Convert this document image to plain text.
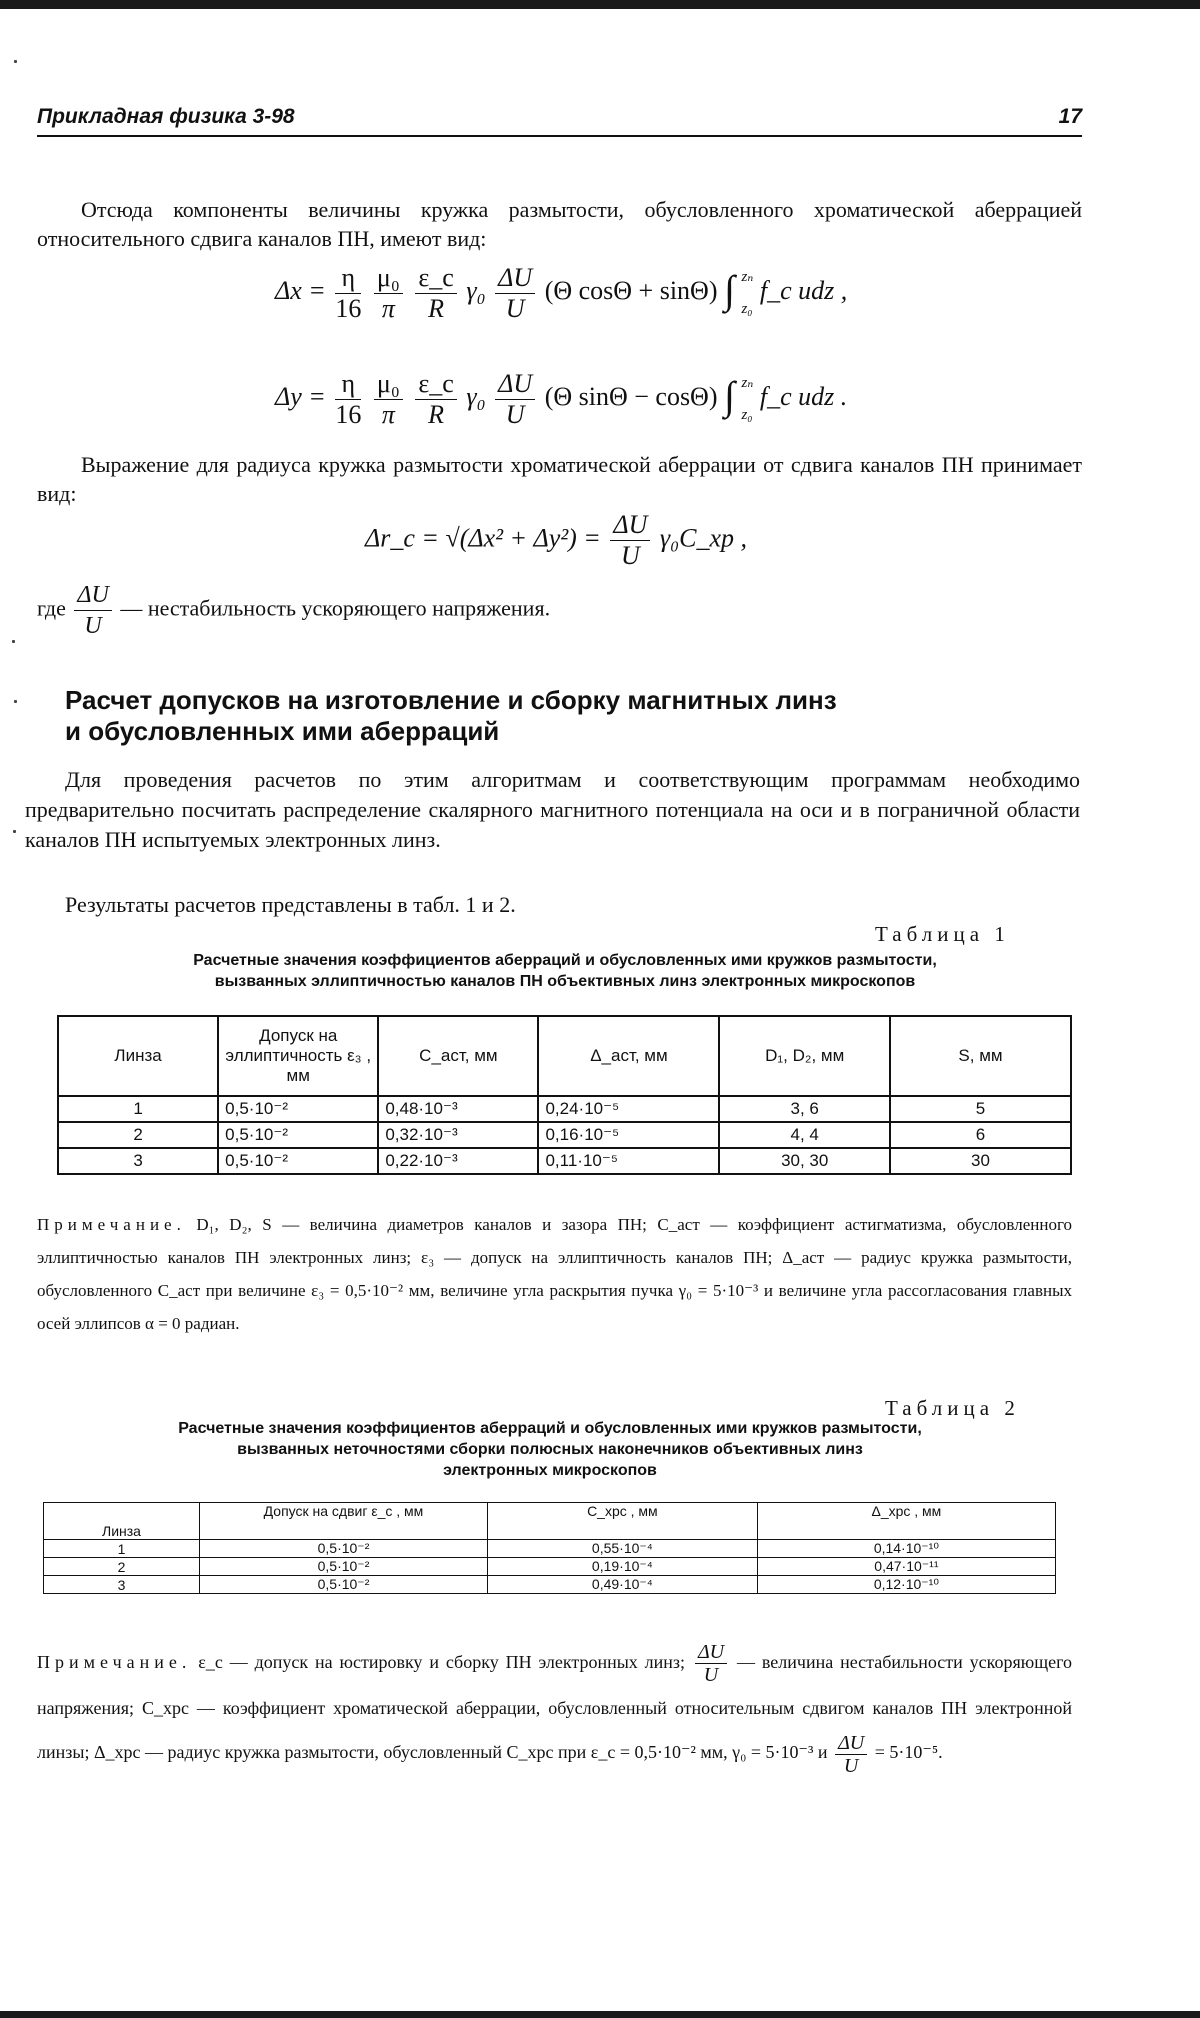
Прикладная физика 3-98	17
Отсюда компоненты величины кружка размытости, обусловленного хроматической аберрацией относительного сдвига каналов ПН, имеют вид:
$\Delta x = \frac{\eta}{16}$
$\frac{\text{μ₀}}{\pi}$
$\frac{\varepsilon\_c}{R} \gamma_0 \frac{\Delta U}{U} (\Theta$ cosΘ + sinΘ) ∫ zₙ
z₀
f_c udz ,
$\Delta y = \frac{\eta}{16}$
$\frac{\text{μ₀}}{\pi}$
$\frac{\varepsilon\_c}{R} \gamma_0 \frac{\Delta U}{U} (\Theta$ sinΘ − cosΘ) ∫ zₙ
z₀
f_c udz .
Выражение для радиуса кружка размытости хроматической аберрации от сдвига каналов ПН принимает вид:
Δr_c = $√(\Delta x^2 + \Delta y^2) = \frac{\Delta U}{U}$ γ₀C_xp ,
где $\frac{\Delta U}{U}$ — нестабильность ускоряющего напряжения.
Расчет допусков на изготовление и сборку магнитных линз
и обусловленных ими аберраций
Для проведения расчетов по этим алгоритмам и соответствующим программам необходимо предварительно посчитать распределение скалярного магнитного потенциала на оси и в пограничной области каналов ПН испытуемых электронных линз.
Результаты расчетов представлены в табл. 1 и 2.
Таблица 1
Расчетные значения коэффициентов аберраций и обусловленных ими кружков размытости,
вызванных эллиптичностью каналов ПН объективных линз электронных микроскопов
Линза	Допуск на эллиптичность ε₃ , мм	C_аст, мм	Δ_аст, мм	D₁, D₂, мм	S, мм
1	0,5·10⁻²	0,48·10⁻³	0,24·10⁻⁵	3, 6	5
2	0,5·10⁻²	0,32·10⁻³	0,16·10⁻⁵	4, 4	6
3	0,5·10⁻²	0,22·10⁻³	0,11·10⁻⁵	30, 30	30
Примечание. D₁, D₂, S — величина диаметров каналов и зазора ПН; C_аст — коэффициент астигматизма, обусловленного эллиптичностью каналов ПН электронных линз; ε₃ — допуск на эллиптичность каналов ПН; Δ_аст — радиус кружка размытости, обусловленного C_аст при величине ε₃ = 0,5·10⁻² мм, величине угла раскрытия пучка γ₀ = 5·10⁻³ и величине угла рассогласования главных осей эллипсов α = 0 радиан.
Таблица 2
Расчетные значения коэффициентов аберраций и обусловленных ими кружков размытости,
вызванных неточностями сборки полюсных наконечников объективных линз
электронных микроскопов
Линза	Допуск на сдвиг ε_с , мм	C_хрс , мм	Δ_хрс , мм
1	0,5·10⁻²	0,55·10⁻⁴	0,14·10⁻¹⁰
2	0,5·10⁻²	0,19·10⁻⁴	0,47·10⁻¹¹
3	0,5·10⁻²	0,49·10⁻⁴	0,12·10⁻¹⁰
Примечание. ε_c — допуск на юстировку и сборку ПН электронных линз; $\frac{\Delta U}{U}$ — величина нестабильности ускоряющего напряжения; C_xpc — коэффициент хроматической аберрации, обусловленный относительным сдвигом каналов ПН электронной линзы; Δ_xpc — радиус кружка размытости, обусловленный C_xpc при ε_c = 0,5·10⁻² мм, γ₀ = 5·10⁻³ и $\frac{\Delta U}{U} = 5\cdot 10^{-5}$.
